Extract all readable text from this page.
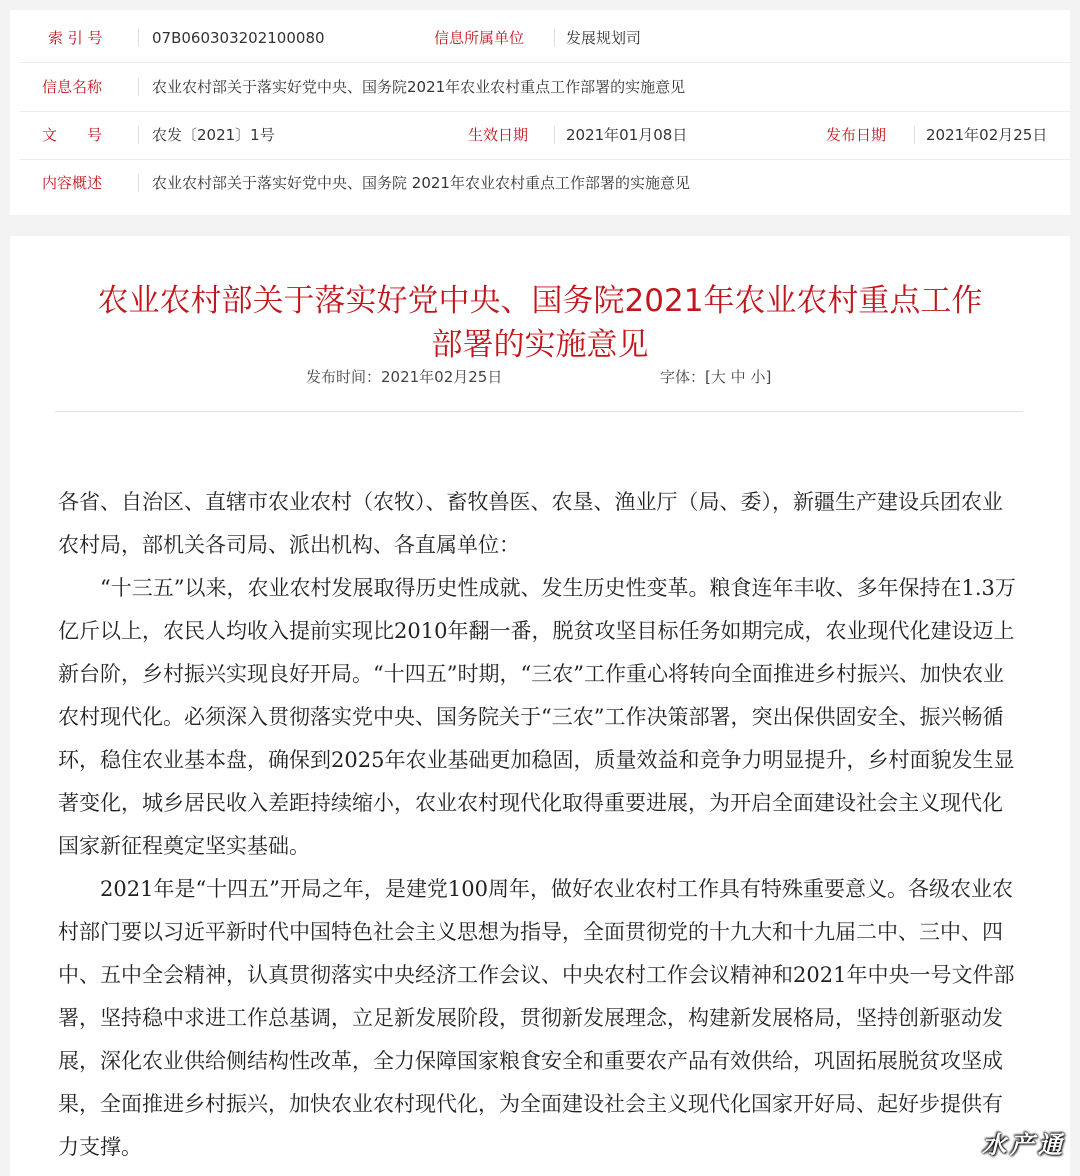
索 引 号	07B060303202100080	信息所属单位	发展规划司
信息名称	农业农村部关于落实好党中央、国务院2021年农业农村重点工作部署的实施意见
文　　号	农发〔2021〕1号	生效日期	2021年01月08日	发布日期	2021年02月25日
内容概述	农业农村部关于落实好党中央、国务院 2021年农业农村重点工作部署的实施意见
农业农村部关于落实好党中央、国务院2021年农业农村重点工作
部署的实施意见
发布时间：2021年02月25日	字体：[大 中 小]

各省、自治区、直辖市农业农村（农牧）、畜牧兽医、农垦、渔业厅（局、委），新疆生产建设兵团农业农村局，部机关各司局、派出机构、各直属单位：

“十三五”以来，农业农村发展取得历史性成就、发生历史性变革。粮食连年丰收、多年保持在1.3万亿斤以上，农民人均收入提前实现比2010年翻一番，脱贫攻坚目标任务如期完成，农业现代化建设迈上新台阶，乡村振兴实现良好开局。“十四五”时期，“三农”工作重心将转向全面推进乡村振兴、加快农业农村现代化。必须深入贯彻落实党中央、国务院关于“三农”工作决策部署，突出保供固安全、振兴畅循环，稳住农业基本盘，确保到2025年农业基础更加稳固，质量效益和竞争力明显提升，乡村面貌发生显著变化，城乡居民收入差距持续缩小，农业农村现代化取得重要进展，为开启全面建设社会主义现代化国家新征程奠定坚实基础。

2021年是“十四五”开局之年，是建党100周年，做好农业农村工作具有特殊重要意义。各级农业农村部门要以习近平新时代中国特色社会主义思想为指导，全面贯彻党的十九大和十九届二中、三中、四中、五中全会精神，认真贯彻落实中央经济工作会议、中央农村工作会议精神和2021年中央一号文件部署，坚持稳中求进工作总基调，立足新发展阶段，贯彻新发展理念，构建新发展格局，坚持创新驱动发展，深化农业供给侧结构性改革，全力保障国家粮食安全和重要农产品有效供给，巩固拓展脱贫攻坚成果，全面推进乡村振兴，加快农业农村现代化，为全面建设社会主义现代化国家开好局、起好步提供有力支撑。	水产通
